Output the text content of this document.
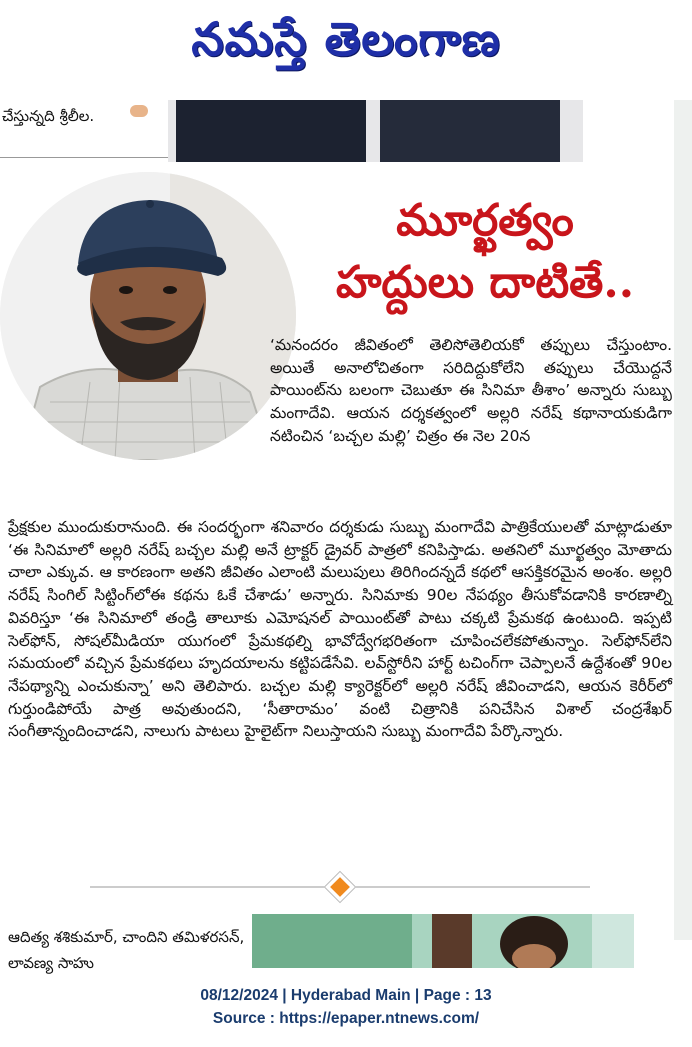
నమస్తే తెలంగాణ
చేస్తున్నది శ్రీలీల.
మూర్ఖత్వం
హద్దులు దాటితే..
‘మనందరం జీవితంలో తెలిసోతెలియకో తప్పులు చేస్తుంటాం. అయితే అనాలోచితంగా సరిదిద్దుకోలేని తప్పులు చేయొద్దనే పాయింట్‌ను బలంగా చెబుతూ ఈ సినిమా తీశాం’ అన్నారు సుబ్బు మంగాదేవి. ఆయన దర్శకత్వంలో అల్లరి నరేష్ కథానాయకుడిగా నటించిన ‘బచ్చల మల్లి’ చిత్రం ఈ నెల 20న
ప్రేక్షకుల ముందుకురానుంది. ఈ సందర్భంగా శనివారం దర్శకుడు సుబ్బు మంగాదేవి పాత్రికేయులతో మాట్లాడుతూ ‘ఈ సినిమాలో అల్లరి నరేష్ బచ్చల మల్లి అనే ట్రాక్టర్ డ్రైవర్ పాత్రలో కనిపిస్తాడు. అతనిలో మూర్ఖత్వం మోతాదు చాలా ఎక్కువ. ఆ కారణంగా అతని జీవితం ఎలాంటి మలుపులు తిరిగిందన్నదే కథలో ఆసక్తికరమైన అంశం. అల్లరి నరేష్ సింగిల్ సిట్టింగ్‌లోఈ కథను ఓకే చేశాడు’ అన్నారు. సినిమాకు 90ల నేపథ్యం తీసుకోవడానికి కారణాల్ని వివరిస్తూ ‘ఈ సినిమాలో తండ్రి తాలూకు ఎమోషనల్ పాయింట్‌తో పాటు చక్కటి ప్రేమకథ ఉంటుంది. ఇప్పటి సెల్‌ఫోన్, సోషల్‌మీడియా యుగంలో ప్రేమకథల్ని భావోద్వేగభరితంగా చూపించలేకపోతున్నాం. సెల్‌ఫోన్‌లేని సమయంలో వచ్చిన ప్రేమకథలు హృదయాలను కట్టిపడేసేవి. లవ్‌స్టోరీని హార్ట్ టచింగ్‌గా చెప్పాలనే ఉద్దేశంతో 90ల నేపథ్యాన్ని ఎంచుకున్నా’ అని తెలిపారు. బచ్చల మల్లి క్యారెక్టర్‌లో అల్లరి నరేష్ జీవించాడని, ఆయన కెరీర్‌లో గుర్తుండిపోయే పాత్ర అవుతుందని, ‘సీతారామం’ వంటి చిత్రానికి పనిచేసిన విశాల్ చంద్రశేఖర్ సంగీతాన్నందించాడని, నాలుగు పాటలు హైలైట్‌గా నిలుస్తాయని సుబ్బు మంగాదేవి పేర్కొన్నారు.
ఆదిత్య శశికుమార్, చాందిని తమిళరసన్, లావణ్య సాహు
08/12/2024 | Hyderabad Main | Page : 13
Source : https://epaper.ntnews.com/
